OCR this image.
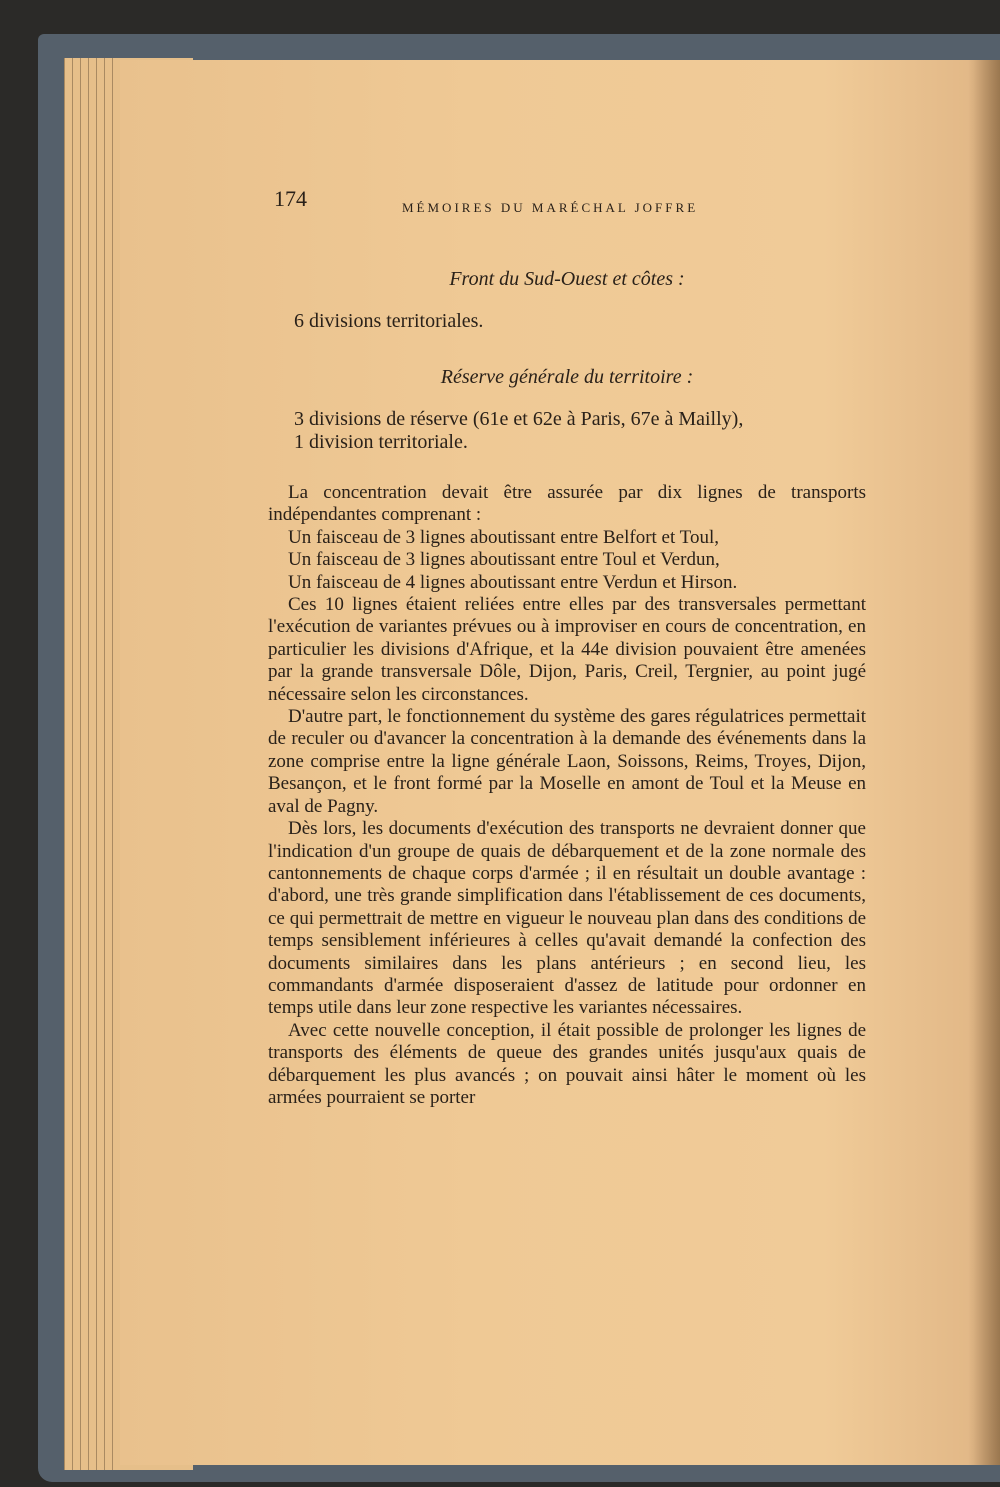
174	MÉMOIRES DU MARÉCHAL JOFFRE
Front du Sud-Ouest et côtes :
6 divisions territoriales.
Réserve générale du territoire :
3 divisions de réserve (61e et 62e à Paris, 67e à Mailly),
1 division territoriale.

La concentration devait être assurée par dix lignes de transports indépendantes comprenant :

Un faisceau de 3 lignes aboutissant entre Belfort et Toul,
Un faisceau de 3 lignes aboutissant entre Toul et Verdun,
Un faisceau de 4 lignes aboutissant entre Verdun et Hirson.

Ces 10 lignes étaient reliées entre elles par des transversales permettant l'exécution de variantes prévues ou à improviser en cours de concentration, en particulier les divisions d'Afrique, et la 44e division pouvaient être amenées par la grande transversale Dôle, Dijon, Paris, Creil, Tergnier, au point jugé nécessaire selon les circonstances.

D'autre part, le fonctionnement du système des gares régulatrices permettait de reculer ou d'avancer la concentration à la demande des événements dans la zone comprise entre la ligne générale Laon, Soissons, Reims, Troyes, Dijon, Besançon, et le front formé par la Moselle en amont de Toul et la Meuse en aval de Pagny.

Dès lors, les documents d'exécution des transports ne devraient donner que l'indication d'un groupe de quais de débarquement et de la zone normale des cantonnements de chaque corps d'armée ; il en résultait un double avantage : d'abord, une très grande simplification dans l'établissement de ces documents, ce qui permettrait de mettre en vigueur le nouveau plan dans des conditions de temps sensiblement inférieures à celles qu'avait demandé la confection des documents similaires dans les plans antérieurs ; en second lieu, les commandants d'armée disposeraient d'assez de latitude pour ordonner en temps utile dans leur zone respective les variantes nécessaires.

Avec cette nouvelle conception, il était possible de prolonger les lignes de transports des éléments de queue des grandes unités jusqu'aux quais de débarquement les plus avancés ; on pouvait ainsi hâter le moment où les armées pourraient se porter
